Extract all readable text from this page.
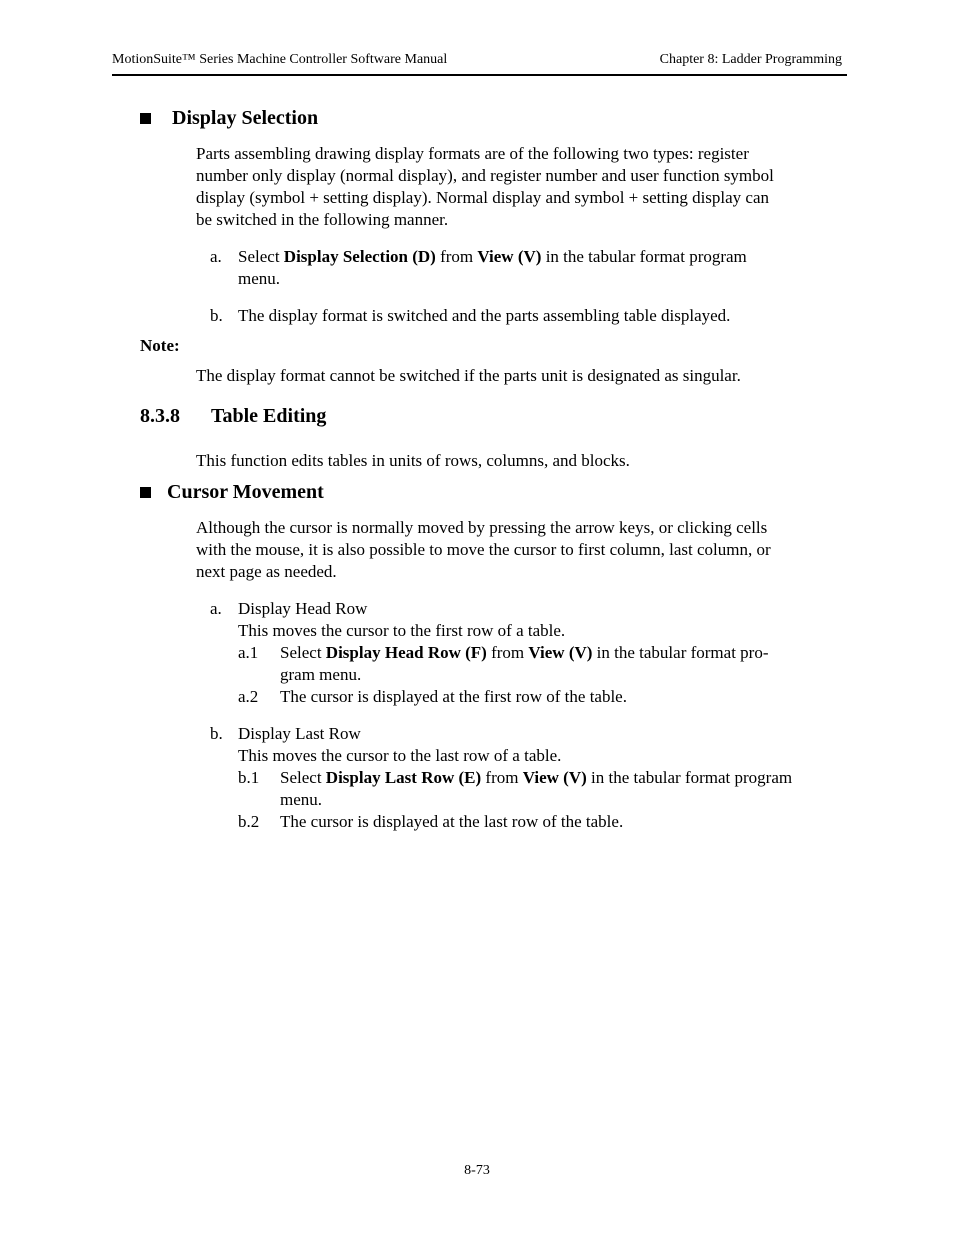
MotionSuite™ Series Machine Controller Software Manual	Chapter 8: Ladder Programming
Display Selection
Parts assembling drawing display formats are of the following two types: register
number only display (normal display), and register number and user function symbol
display (symbol + setting display). Normal display and symbol + setting display can
be switched in the following manner.
a. Select Display Selection (D) from View (V) in the tabular format program
menu.
b. The display format is switched and the parts assembling table displayed.
Note:
The display format cannot be switched if the parts unit is designated as singular.
8.3.8 Table Editing
This function edits tables in units of rows, columns, and blocks.
Cursor Movement
Although the cursor is normally moved by pressing the arrow keys, or clicking cells
with the mouse, it is also possible to move the cursor to first column, last column, or
next page as needed.
a. Display Head Row
This moves the cursor to the first row of a table.
a.1 Select Display Head Row (F) from View (V) in the tabular format pro-
gram menu.
a.2 The cursor is displayed at the first row of the table.
b. Display Last Row
This moves the cursor to the last row of a table.
b.1 Select Display Last Row (E) from View (V) in the tabular format program
menu.
b.2 The cursor is displayed at the last row of the table.
8-73
